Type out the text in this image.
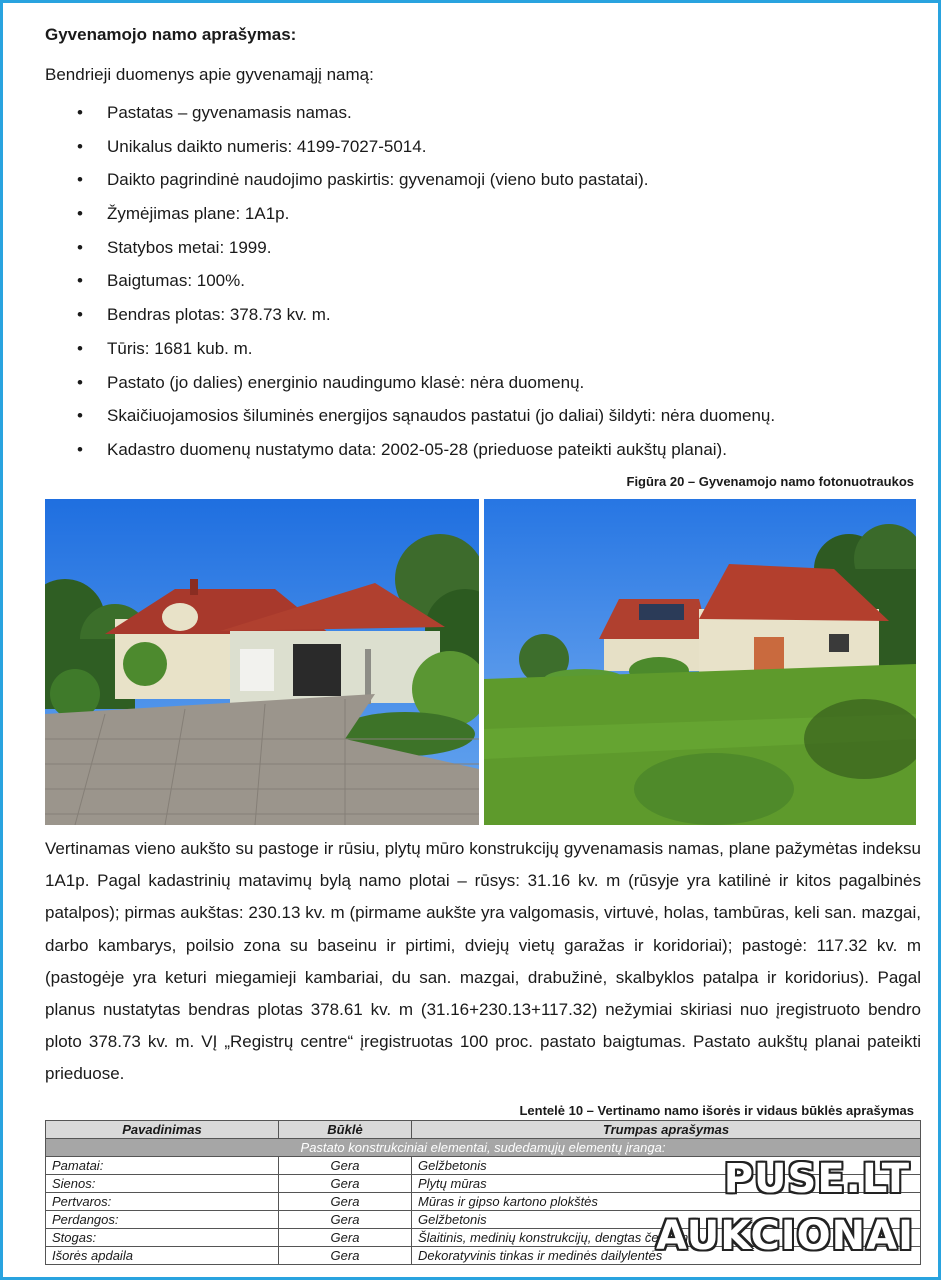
Gyvenamojo namo aprašymas:
Bendrieji duomenys apie gyvenamąjį namą:
• Pastatas – gyvenamasis namas.
• Unikalus daikto numeris: 4199-7027-5014.
• Daikto pagrindinė naudojimo paskirtis: gyvenamoji (vieno buto pastatai).
• Žymėjimas plane: 1A1p.
• Statybos metai: 1999.
• Baigtumas: 100%.
• Bendras plotas: 378.73 kv. m.
• Tūris: 1681 kub. m.
• Pastato (jo dalies) energinio naudingumo klasė: nėra duomenų.
• Skaičiuojamosios šiluminės energijos sąnaudos pastatui (jo daliai) šildyti: nėra duomenų.
• Kadastro duomenų nustatymo data: 2002-05-28 (prieduose pateikti aukštų planai).
Figūra 20 – Gyvenamojo namo fotonuotraukos
Vertinamas vieno aukšto su pastoge ir rūsiu, plytų mūro konstrukcijų gyvenamasis namas, plane pažymėtas indeksu 1A1p. Pagal kadastrinių matavimų bylą namo plotai – rūsys: 31.16 kv. m (rūsyje yra katilinė ir kitos pagalbinės patalpos); pirmas aukštas: 230.13 kv. m (pirmame aukšte yra valgomasis, virtuvė, holas, tambūras, keli san. mazgai, darbo kambarys, poilsio zona su baseinu ir pirtimi, dviejų vietų garažas ir koridoriai); pastogė: 117.32 kv. m (pastogėje yra keturi miegamieji kambariai, du san. mazgai, drabužinė, skalbyklos patalpa ir koridorius). Pagal planus nustatytas bendras plotas 378.61 kv. m (31.16+230.13+117.32) nežymiai skiriasi nuo įregistruoto bendro ploto 378.73 kv. m. VĮ „Registrų centre“ įregistruotas 100 proc. pastato baigtumas. Pastato aukštų planai pateikti prieduose.
Lentelė 10 – Vertinamo namo išorės ir vidaus būklės aprašymas
Pavadinimas	Būklė	Trumpas aprašymas
Pastato konstrukciniai elementai, sudedamųjų elementų įranga:		
Pamatai:	Gera	Gelžbetonis
Sienos:	Gera	Plytų mūras
Pertvaros:	Gera	Mūras ir gipso kartono plokštės
Perdangos:	Gera	Gelžbetonis
Stogas:	Gera	Šlaitinis, medinių konstrukcijų, dengtas čerpėmis
Išorės apdaila	Gera	Dekoratyvinis tinkas ir medinės dailylentės
PUSE.LT
AUKCIONAI
